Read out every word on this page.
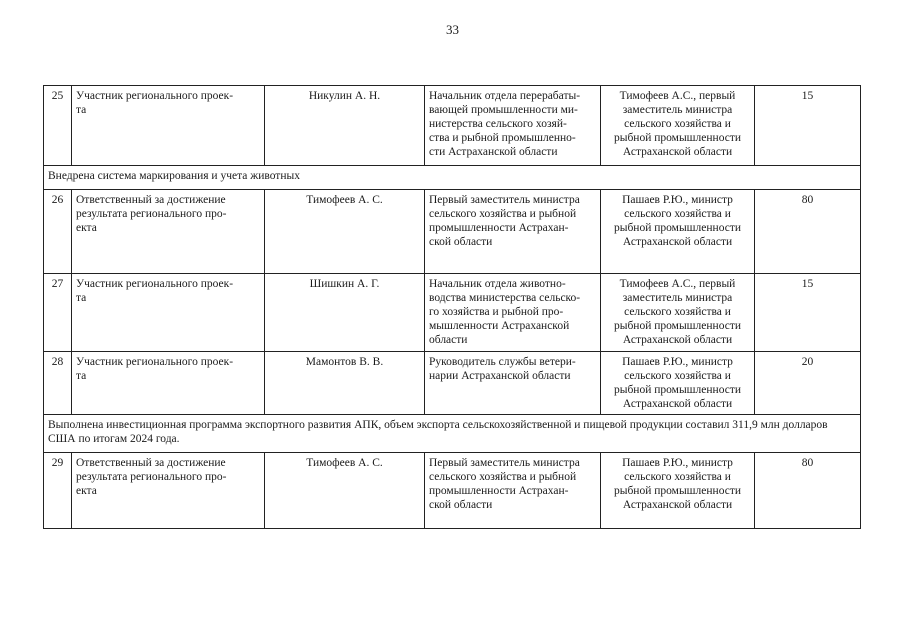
33
25	Участник регионального проек-
та	Никулин А. Н.	Начальник отдела перерабаты-
вающей промышленности ми-
нистерства сельского хозяй-
ства и рыбной промышленно-
сти Астраханской области	Тимофеев А.С., первый
заместитель министра
сельского хозяйства и
рыбной промышленности
Астраханской области	15
Внедрена система маркирования и учета животных					
26	Ответственный за достижение
результата регионального про-
екта	Тимофеев А. С.	Первый заместитель министра
сельского хозяйства и рыбной
промышленности Астрахан-
ской области	Пашаев Р.Ю., министр
сельского хозяйства и
рыбной промышленности
Астраханской области	80
27	Участник регионального проек-
та	Шишкин А. Г.	Начальник отдела животно-
водства министерства сельско-
го хозяйства и рыбной про-
мышленности Астраханской
области	Тимофеев А.С., первый
заместитель министра
сельского хозяйства и
рыбной промышленности
Астраханской области	15
28	Участник регионального проек-
та	Мамонтов В. В.	Руководитель службы ветери-
нарии Астраханской области	Пашаев Р.Ю., министр
сельского хозяйства и
рыбной промышленности
Астраханской области	20
Выполнена инвестиционная программа экспортного развития АПК, объем экспорта сельскохозяйственной и пищевой продукции составил 311,9 млн долларов США по итогам 2024 года.					
29	Ответственный за достижение
результата регионального про-
екта	Тимофеев А. С.	Первый заместитель министра
сельского хозяйства и рыбной
промышленности Астрахан-
ской области	Пашаев Р.Ю., министр
сельского хозяйства и
рыбной промышленности
Астраханской области	80
